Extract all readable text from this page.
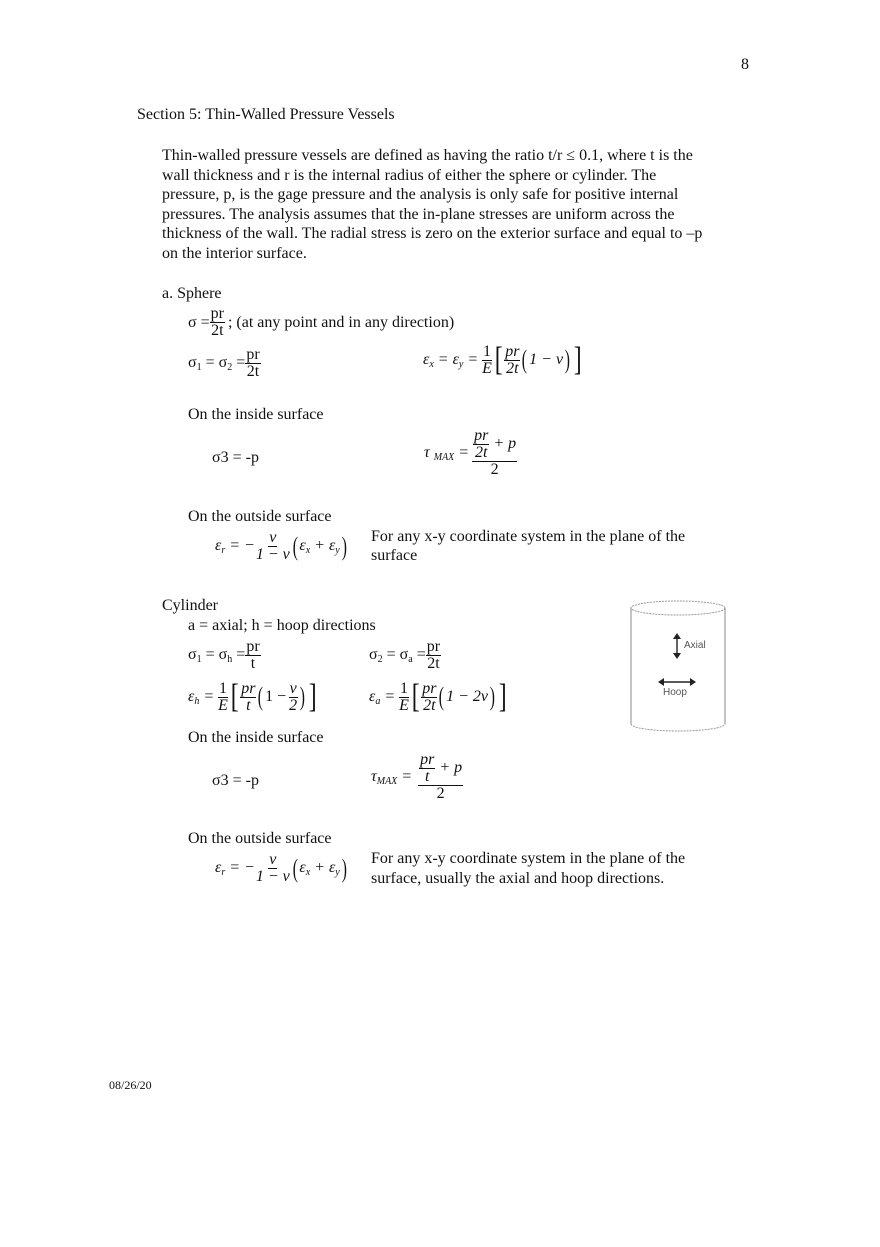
8
Section 5: Thin-Walled Pressure Vessels
Thin-walled pressure vessels are defined as having the ratio t/r ≤ 0.1, where t is the
wall thickness and r is the internal radius of either the sphere or cylinder. The
pressure, p, is the gage pressure and the analysis is only safe for positive internal
pressures. The analysis assumes that the in-plane stresses are uniform across the
thickness of the wall. The radial stress is zero on the exterior surface and equal to –p
on the interior surface.
a. Sphere
$\sigma = \frac{pr}{2t}$ ; (at any point and in any direction)
$\sigma_1 = \sigma_2 = \frac{pr}{2t}$	$\varepsilon_x = \varepsilon_y = \frac{1}{E}$ [ $\frac{pr}{2t}$ ( 1 − ν ) ]
On the inside surface
σ3 = -p	τ $_{MAX} = \frac{\frac{pr}{2t} + p}{2}$
On the outside surface
$\varepsilon_r$ = − $\frac{\nu}{1 - \nu}$ ( $\varepsilon_x + \varepsilon_y$ ) For any x-y coordinate system in the plane of the
surface
Cylinder
a = axial; h = hoop directions
$\sigma_1 = \sigma_h = \frac{pr}{t}$	$\sigma_2 = \sigma_a = \frac{pr}{2t}$
$\varepsilon_h = \frac{1}{E}$ [ $\frac{pr}{t}$ ( $1 - \frac{\nu}{2}$ ) ]	$\varepsilon_a = \frac{1}{E}$ [ $\frac{pr}{2t}$ ( 1 − 2ν ) ]
On the inside surface
σ3 = -p	$\tau_{MAX} = \frac{\frac{pr}{t} + p}{2}$
On the outside surface
$\varepsilon_r$ = − $\frac{\nu}{1 - \nu}$ ( $\varepsilon_x + \varepsilon_y$ ) For any x-y coordinate system in the plane of the
surface, usually the axial and hoop directions.
Axial
Hoop
08/26/20
